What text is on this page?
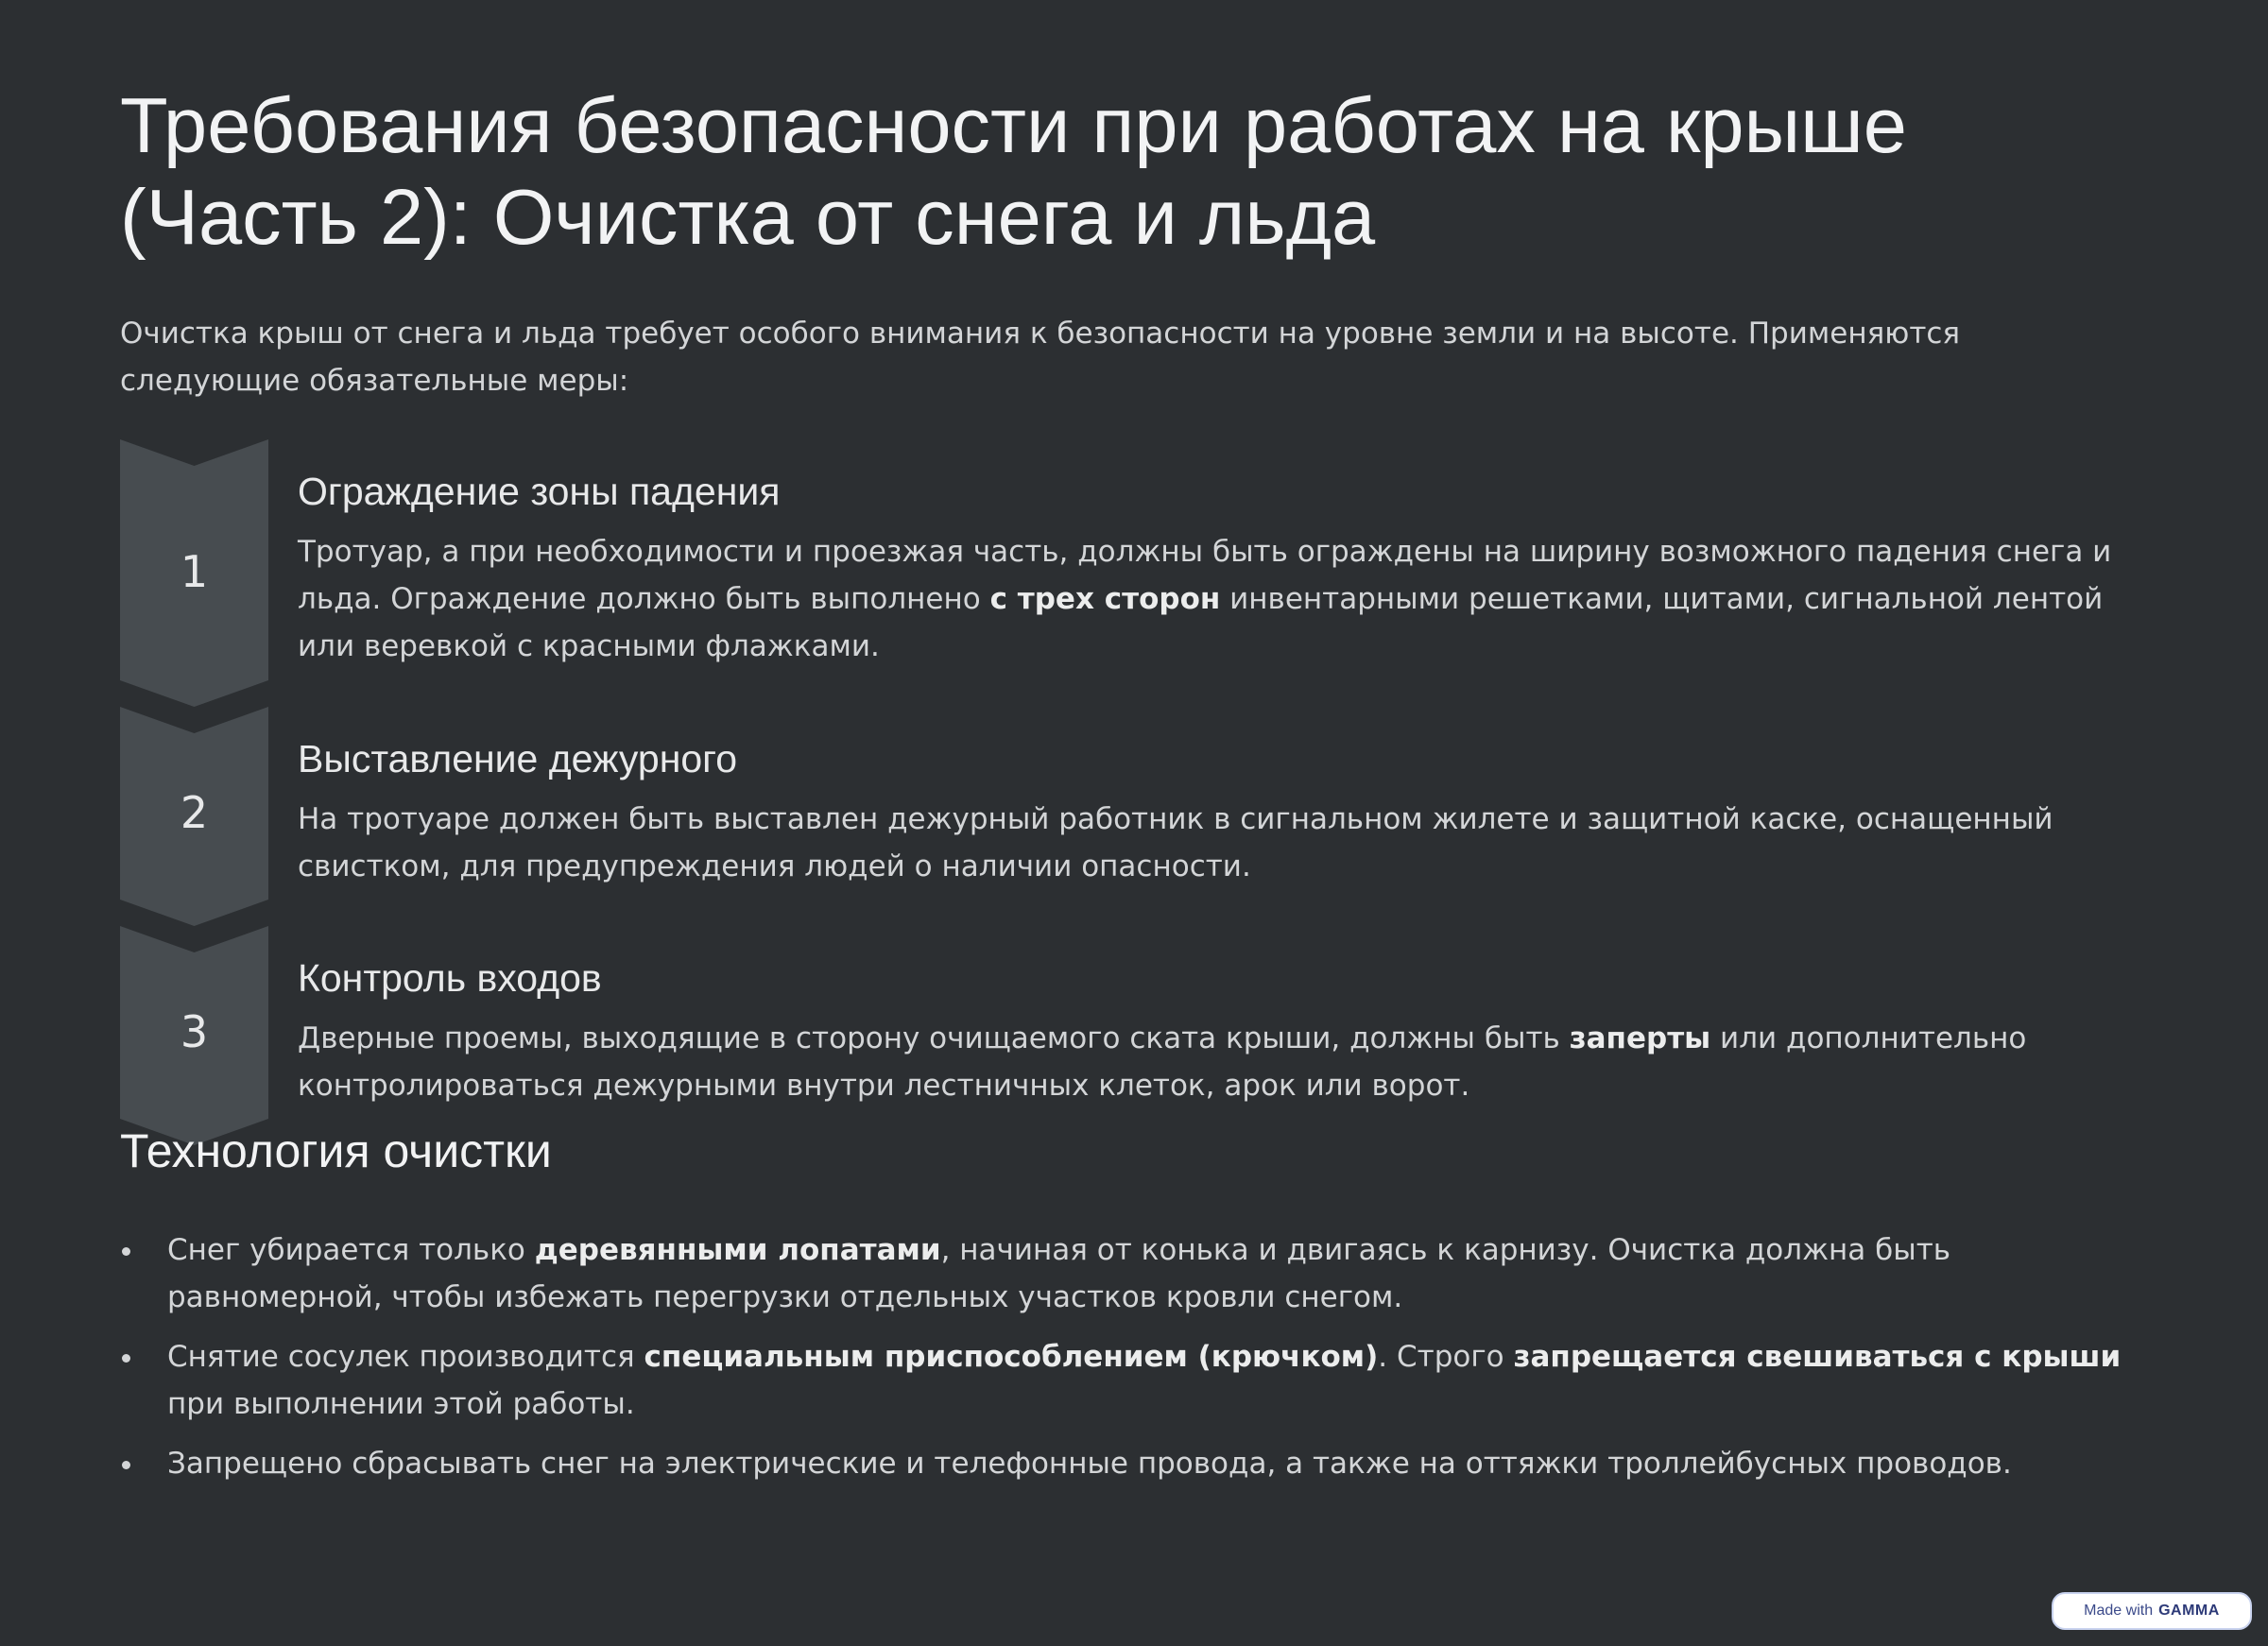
Требования безопасности при работах на крыше
(Часть 2): Очистка от снега и льда

Очистка крыш от снега и льда требует особого внимания к безопасности на уровне земли и на высоте. Применяются следующие обязательные меры:

1
Ограждение зоны падения

Тротуар, а при необходимости и проезжая часть, должны быть ограждены на ширину возможного падения снега и льда. Ограждение должно быть выполнено с трех сторон инвентарными решетками, щитами, сигнальной лентой или веревкой с красными флажками.

2
Выставление дежурного

На тротуаре должен быть выставлен дежурный работник в сигнальном жилете и защитной каске, оснащенный свистком, для предупреждения людей о наличии опасности.

3
Контроль входов

Дверные проемы, выходящие в сторону очищаемого ската крыши, должны быть заперты или дополнительно контролироваться дежурными внутри лестничных клеток, арок или ворот.

Технология очистки
Снег убирается только деревянными лопатами, начиная от конька и двигаясь к карнизу. Очистка должна быть равномерной, чтобы избежать перегрузки отдельных участков кровли снегом.
Снятие сосулек производится специальным приспособлением (крючком). Строго запрещается свешиваться с крыши при выполнении этой работы.
Запрещено сбрасывать снег на электрические и телефонные провода, а также на оттяжки троллейбусных проводов.
Made with GAMMA
